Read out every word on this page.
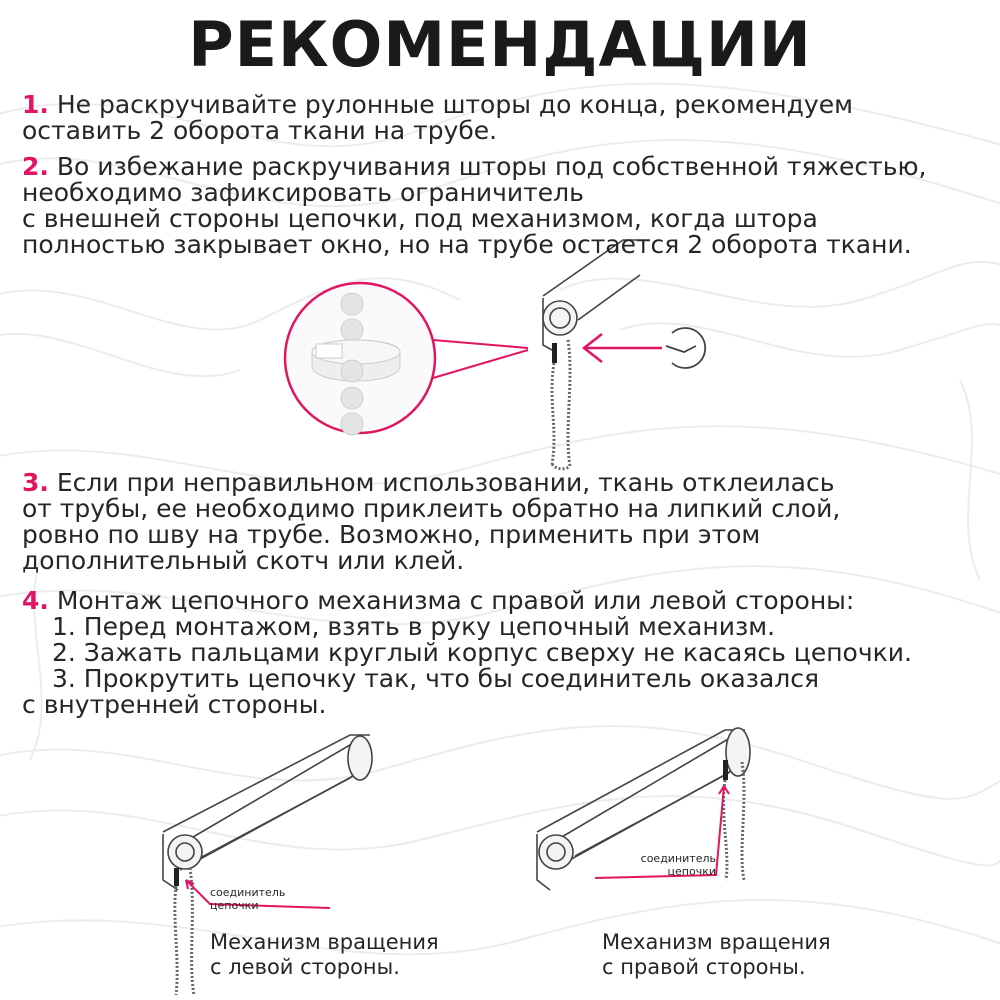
РЕКОМЕНДАЦИИ
1. Не раскручивайте рулонные шторы до конца, рекомендуем
оставить 2 оборота ткани на трубе.
2. Во избежание раскручивания шторы под собственной тяжестью,
необходимо зафиксировать ограничитель
с внешней стороны цепочки, под механизмом, когда штора
полностью закрывает окно, но на трубе остается 2 оборота ткани.
3. Если при неправильном использовании, ткань отклеилась
от трубы, ее необходимо приклеить обратно на липкий слой,
ровно по шву на трубе. Возможно, применить при этом
дополнительный скотч или клей.
4. Монтаж цепочного механизма с правой или левой стороны:
1. Перед монтажом, взять в руку цепочный механизм.
2. Зажать пальцами круглый корпус сверху не касаясь цепочки.
3. Прокрутить цепочку так, что бы соединитель оказался
с внутренней стороны.
соединитель
цепочки
Механизм вращения
с левой стороны.
соединитель
цепочки
Механизм вращения
с правой стороны.
